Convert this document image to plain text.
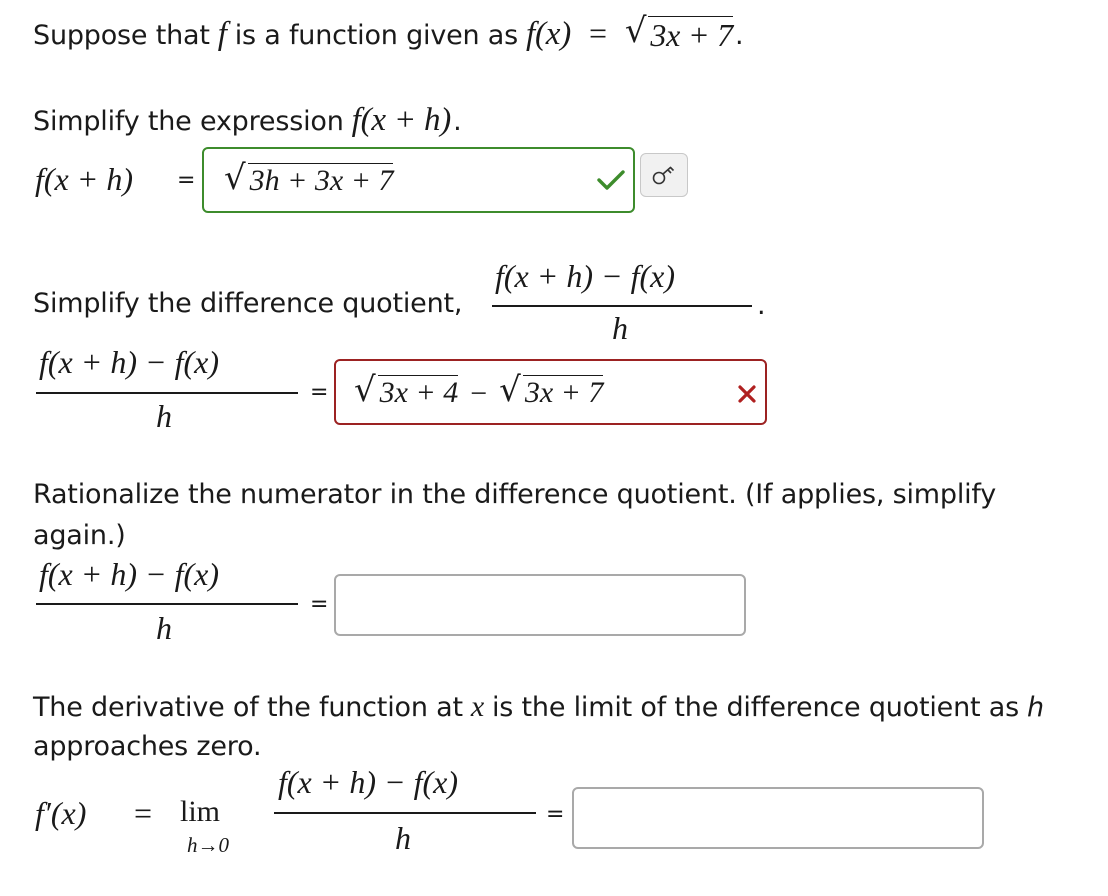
Suppose that f is a function given as f(x) = √ 3x + 7 .
Simplify the expression f(x + h) .
f(x + h) = √ 3h + 3x + 7
Simplify the difference quotient,
f(x + h) − f(x)
h
.
f(x + h) − f(x)
h
= √ 3x + 4 − √ 3x + 7
Rationalize the numerator in the difference quotient. (If applies, simplify
again.)
f(x + h) − f(x)
h
=
The derivative of the function at x is the limit of the difference quotient as h
approaches zero.
f′(x) = lim
h→0
f(x + h) − f(x)
h
=
